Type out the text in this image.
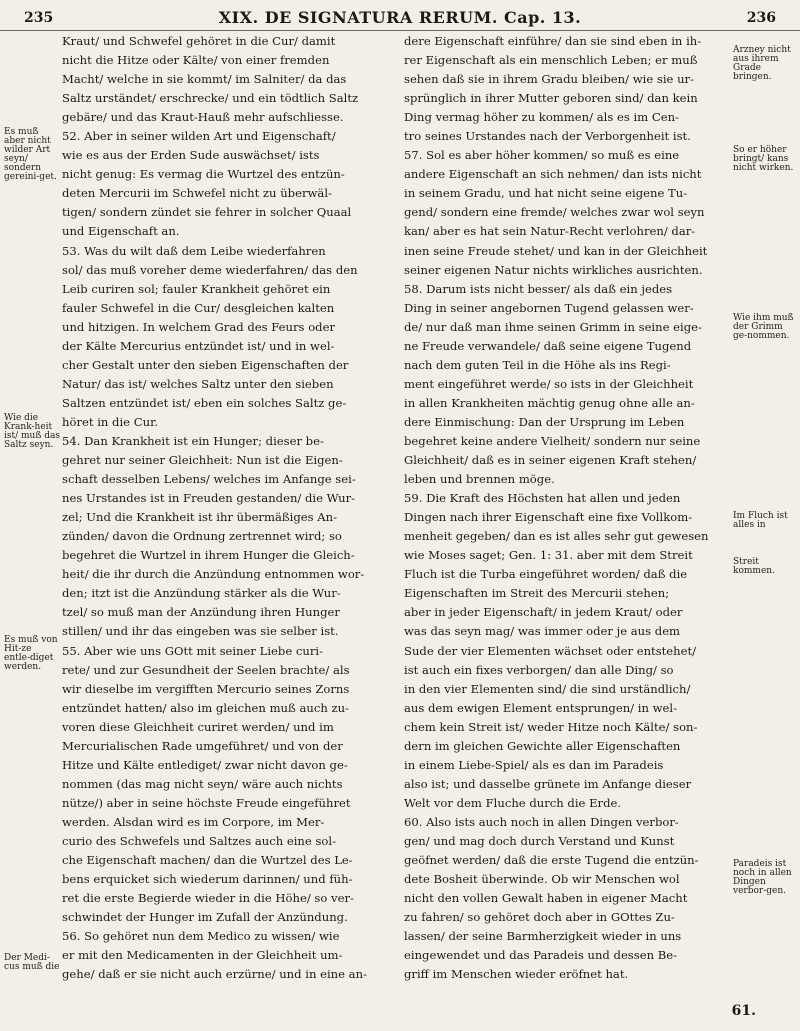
235	XIX. DE SIGNATURA RERUM. Cap. 13.	236
Es muß aber nicht wilder Art seyn/ sondern gereini-get.
Wie die Krank-heit ist/ muß das Saltz seyn.
Es muß von Hit-ze entle-diget werden.
Der Medi-cus muß die
Kraut/ und Schwefel gehöret in die Cur/ damit
nicht die Hitze oder Kälte/ von einer fremden
Macht/ welche in sie kommt/ im Salniter/ da das
Saltz urständet/ erschrecke/ und ein tödtlich Saltz
gebäre/ und das Kraut-Hauß mehr aufschliesse.
52. Aber in seiner wilden Art und Eigenschaft/
wie es aus der Erden Sude auswächset/ ists
nicht genug: Es vermag die Wurtzel des entzün-
deten Mercurii im Schwefel nicht zu überwäl-
tigen/ sondern zündet sie fehrer in solcher Quaal
und Eigenschaft an.
53. Was du wilt daß dem Leibe wiederfahren
sol/ das muß voreher deme wiederfahren/ das den
Leib curiren sol; fauler Krankheit gehöret ein
fauler Schwefel in die Cur/ desgleichen kalten
und hitzigen. In welchem Grad des Feurs oder
der Kälte Mercurius entzündet ist/ und in wel-
cher Gestalt unter den sieben Eigenschaften der
Natur/ das ist/ welches Saltz unter den sieben
Saltzen entzündet ist/ eben ein solches Saltz ge-
höret in die Cur.
54. Dan Krankheit ist ein Hunger; dieser be-
gehret nur seiner Gleichheit: Nun ist die Eigen-
schaft desselben Lebens/ welches im Anfange sei-
nes Urstandes ist in Freuden gestanden/ die Wur-
zel; Und die Krankheit ist ihr übermäßiges An-
zünden/ davon die Ordnung zertrennet wird; so
begehret die Wurtzel in ihrem Hunger die Gleich-
heit/ die ihr durch die Anzündung entnommen wor-
den; itzt ist die Anzündung stärker als die Wur-
tzel/ so muß man der Anzündung ihren Hunger
stillen/ und ihr das eingeben was sie selber ist.
55. Aber wie uns GOtt mit seiner Liebe curi-
rete/ und zur Gesundheit der Seelen brachte/ als
wir dieselbe im vergifften Mercurio seines Zorns
entzündet hatten/ also im gleichen muß auch zu-
voren diese Gleichheit curiret werden/ und im
Mercurialischen Rade umgeführet/ und von der
Hitze und Kälte entlediget/ zwar nicht davon ge-
nommen (das mag nicht seyn/ wäre auch nichts
nütze/) aber in seine höchste Freude eingeführet
werden. Alsdan wird es im Corpore, im Mer-
curio des Schwefels und Saltzes auch eine sol-
che Eigenschaft machen/ dan die Wurtzel des Le-
bens erquicket sich wiederum darinnen/ und füh-
ret die erste Begierde wieder in die Höhe/ so ver-
schwindet der Hunger im Zufall der Anzündung.
56. So gehöret nun dem Medico zu wissen/ wie
er mit den Medicamenten in der Gleichheit um-
gehe/ daß er sie nicht auch erzürne/ und in eine an-
dere Eigenschaft einführe/ dan sie sind eben in ih-
rer Eigenschaft als ein menschlich Leben; er muß
sehen daß sie in ihrem Gradu bleiben/ wie sie ur-
sprünglich in ihrer Mutter geboren sind/ dan kein
Ding vermag höher zu kommen/ als es im Cen-
tro seines Urstandes nach der Verborgenheit ist.
57. Sol es aber höher kommen/ so muß es eine
andere Eigenschaft an sich nehmen/ dan ists nicht
in seinem Gradu, und hat nicht seine eigene Tu-
gend/ sondern eine fremde/ welches zwar wol seyn
kan/ aber es hat sein Natur-Recht verlohren/ dar-
inen seine Freude stehet/ und kan in der Gleichheit
seiner eigenen Natur nichts wirkliches ausrichten.
58. Darum ists nicht besser/ als daß ein jedes
Ding in seiner angebornen Tugend gelassen wer-
de/ nur daß man ihme seinen Grimm in seine eige-
ne Freude verwandele/ daß seine eigene Tugend
nach dem guten Teil in die Höhe als ins Regi-
ment eingeführet werde/ so ists in der Gleichheit
in allen Krankheiten mächtig genug ohne alle an-
dere Einmischung: Dan der Ursprung im Leben
begehret keine andere Vielheit/ sondern nur seine
Gleichheit/ daß es in seiner eigenen Kraft stehen/
leben und brennen möge.
59. Die Kraft des Höchsten hat allen und jeden
Dingen nach ihrer Eigenschaft eine fixe Vollkom-
menheit gegeben/ dan es ist alles sehr gut gewesen
wie Moses saget; Gen. 1: 31. aber mit dem Streit
Fluch ist die Turba eingeführet worden/ daß die
Eigenschaften im Streit des Mercurii stehen;
aber in jeder Eigenschaft/ in jedem Kraut/ oder
was das seyn mag/ was immer oder je aus dem
Sude der vier Elementen wächset oder entstehet/
ist auch ein fixes verborgen/ dan alle Ding/ so
in den vier Elementen sind/ die sind urständlich/
aus dem ewigen Element entsprungen/ in wel-
chem kein Streit ist/ weder Hitze noch Kälte/ son-
dern im gleichen Gewichte aller Eigenschaften
in einem Liebe-Spiel/ als es dan im Paradeis
also ist; und dasselbe grünete im Anfange dieser
Welt vor dem Fluche durch die Erde.
60. Also ists auch noch in allen Dingen verbor-
gen/ und mag doch durch Verstand und Kunst
geöfnet werden/ daß die erste Tugend die entzün-
dete Bosheit überwinde. Ob wir Menschen wol
nicht den vollen Gewalt haben in eigener Macht
zu fahren/ so gehöret doch aber in GOttes Zu-
lassen/ der seine Barmherzigkeit wieder in uns
eingewendet und das Paradeis und dessen Be-
griff im Menschen wieder eröfnet hat.
Arzney nicht aus ihrem Grade bringen.
So er höher bringt/ kans nicht wirken.
Wie ihm muß der Grimm ge-nommen.
Im Fluch ist alles in
Streit kommen.
Paradeis ist noch in allen Dingen verbor-gen.
61.
